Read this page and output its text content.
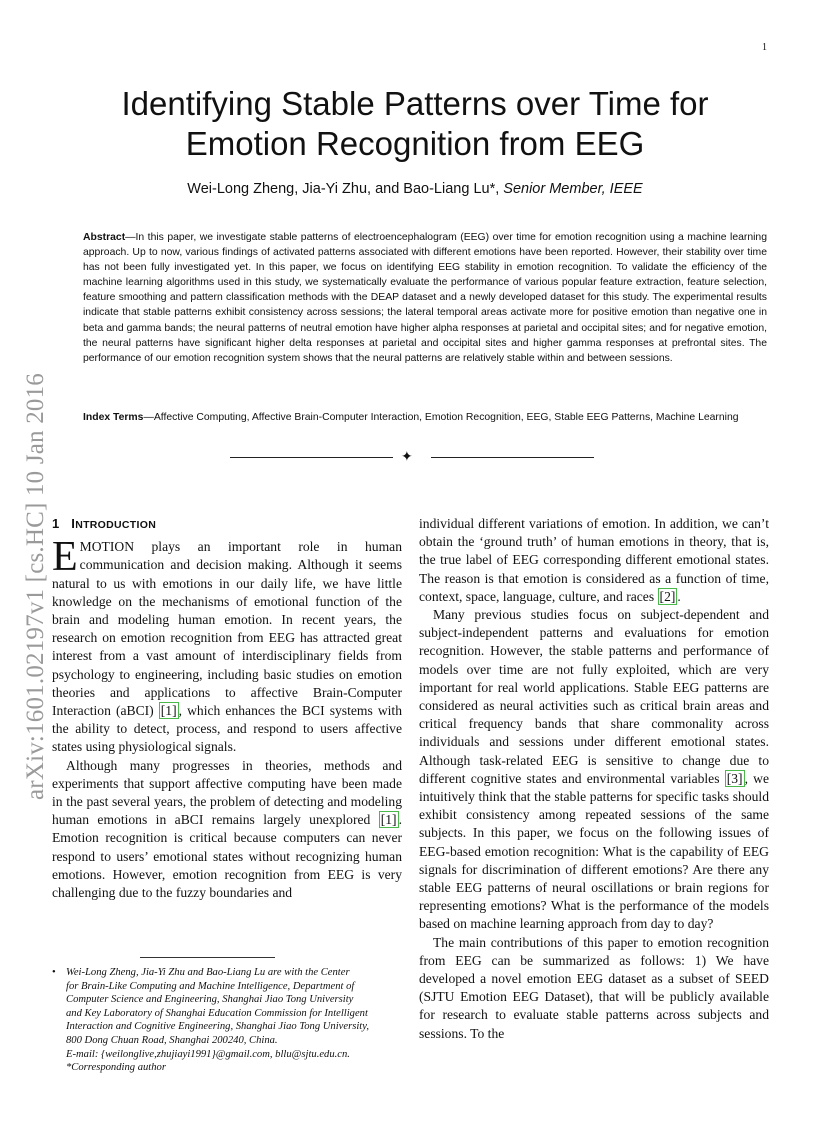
1
Identifying Stable Patterns over Time for
Emotion Recognition from EEG
Wei-Long Zheng, Jia-Yi Zhu, and Bao-Liang Lu*, Senior Member, IEEE

Abstract—In this paper, we investigate stable patterns of electroencephalogram (EEG) over time for emotion recognition using a machine learning approach. Up to now, various findings of activated patterns associated with different emotions have been reported. However, their stability over time has not been fully investigated yet. In this paper, we focus on identifying EEG stability in emotion recognition. To validate the efficiency of the machine learning algorithms used in this study, we systematically evaluate the performance of various popular feature extraction, feature selection, feature smoothing and pattern classification methods with the DEAP dataset and a newly developed dataset for this study. The experimental results indicate that stable patterns exhibit consistency across sessions; the lateral temporal areas activate more for positive emotion than negative one in beta and gamma bands; the neural patterns of neutral emotion have higher alpha responses at parietal and occipital sites; and for negative emotion, the neural patterns have significant higher delta responses at parietal and occipital sites and higher gamma responses at prefrontal sites. The performance of our emotion recognition system shows that the neural patterns are relatively stable within and between sessions.

Index Terms—Affective Computing, Affective Brain-Computer Interaction, Emotion Recognition, EEG, Stable EEG Patterns, Machine Learning

✦
arXiv:1601.02197v1 [cs.HC] 10 Jan 2016 1 INTRODUCTION

EMOTION plays an important role in human communication and decision making. Although it seems natural to us with emotions in our daily life, we have little knowledge on the mechanisms of emotional function of the brain and modeling human emotion. In recent years, the research on emotion recognition from EEG has attracted great interest from a vast amount of interdisciplinary fields from psychology to engineering, including basic studies on emotion theories and applications to affective Brain-Computer Interaction (aBCI) [1] , which enhances the BCI systems with the ability to detect, process, and respond to users affective states using physiological signals.

Although many progresses in theories, methods and experiments that support affective computing have been made in the past several years, the problem of detecting and modeling human emotions in aBCI remains largely unexplored [1] . Emotion recognition is critical because computers can never respond to users’ emotional states without recognizing human emotions. However, emotion recognition from EEG is very challenging due to the fuzzy boundaries and

individual different variations of emotion. In addition, we can’t obtain the ‘ground truth’ of human emotions in theory, that is, the true label of EEG corresponding different emotional states. The reason is that emotion is considered as a function of time, context, space, language, culture, and races [2] .

Many previous studies focus on subject-dependent and subject-independent patterns and evaluations for emotion recognition. However, the stable patterns and performance of models over time are not fully exploited, which are very important for real world applications. Stable EEG patterns are considered as neural activities such as critical brain areas and critical frequency bands that share commonality across individuals and sessions under different emotional states. Although task-related EEG is sensitive to change due to different cognitive states and environmental variables [3] , we intuitively think that the stable patterns for specific tasks should exhibit consistency among repeated sessions of the same subjects. In this paper, we focus on the following issues of EEG-based emotion recognition: What is the capability of EEG signals for discrimination of different emotions? Are there any stable EEG patterns of neural oscillations or brain regions for representing emotions? What is the performance of the models based on machine learning approach from day to day?

The main contributions of this paper to emotion recognition from EEG can be summarized as follows: 1) We have developed a novel emotion EEG dataset as a subset of SEED (SJTU Emotion EEG Dataset), that will be publicly available for research to evaluate stable patterns across subjects and sessions. To the

• Wei-Long Zheng, Jia-Yi Zhu and Bao-Liang Lu are with the Center
for Brain-Like Computing and Machine Intelligence, Department of
Computer Science and Engineering, Shanghai Jiao Tong University
and Key Laboratory of Shanghai Education Commission for Intelligent
Interaction and Cognitive Engineering, Shanghai Jiao Tong University,
800 Dong Chuan Road, Shanghai 200240, China.
E-mail: {weilonglive,zhujiayi1991}@gmail.com, bllu@sjtu.edu.cn.
*Corresponding author
